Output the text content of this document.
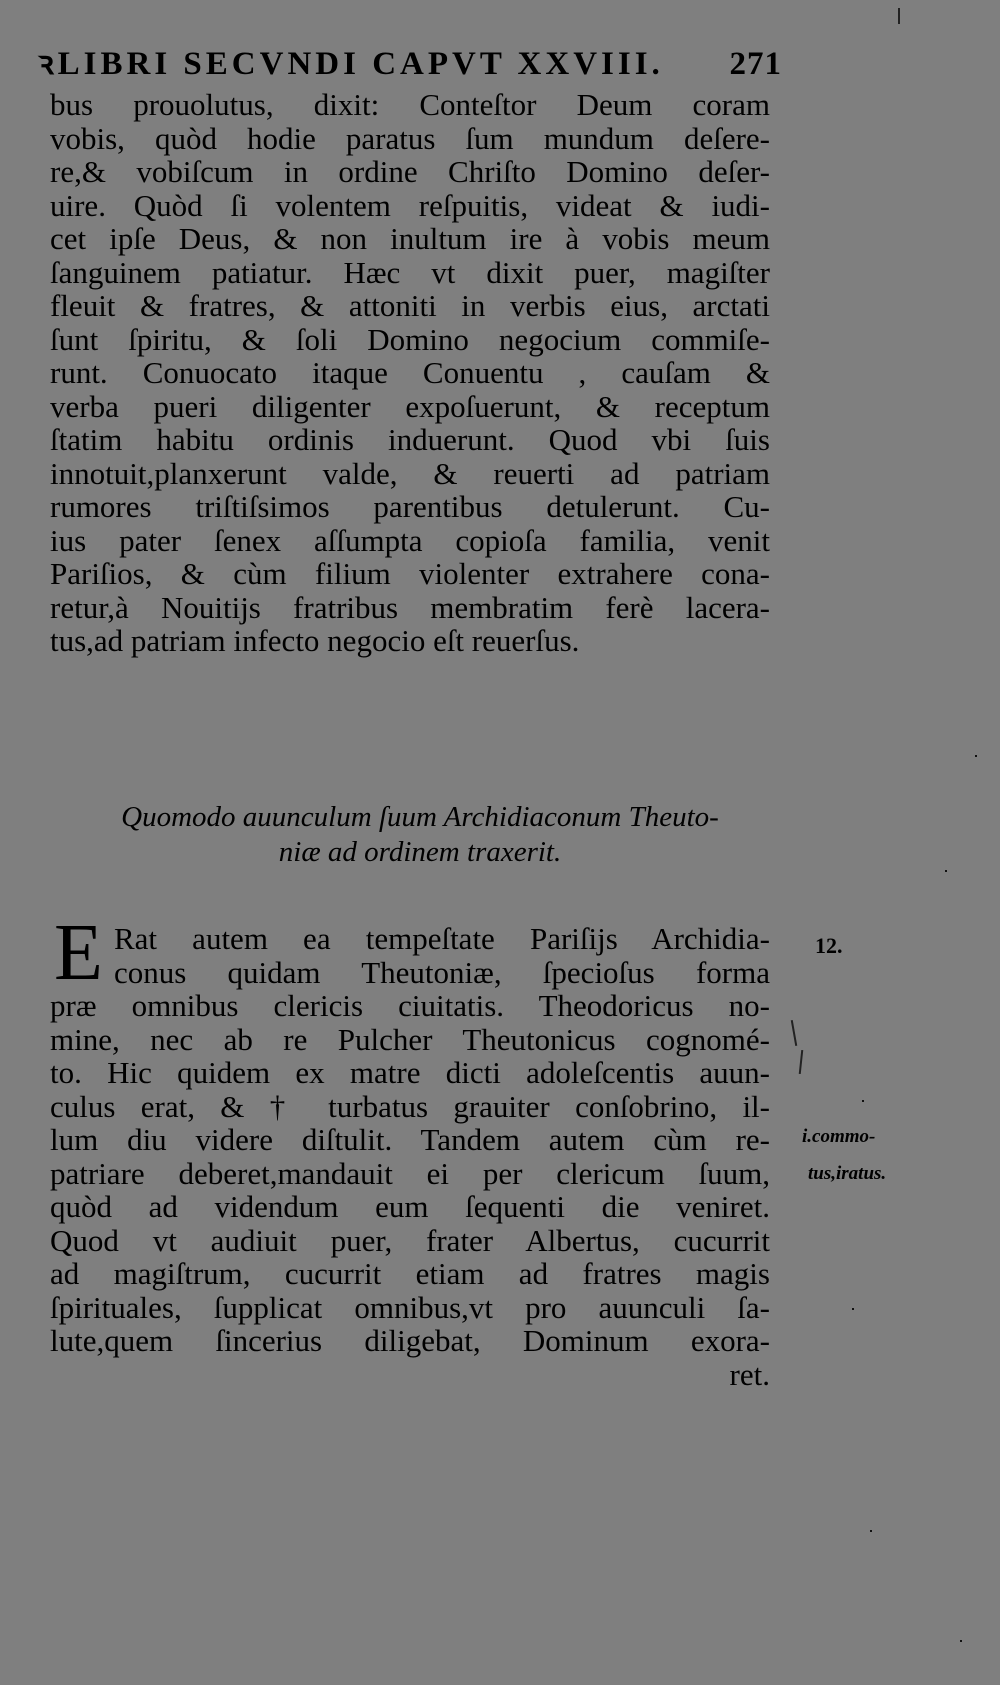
ꝛLIBRI SECVNDI CAPVT XXVIII. 271
bus prouolutus, dixit: Conteſtor Deum coram
vobis, quòd hodie paratus ſum mundum deſere-
re,& vobiſcum in ordine Chriſto Domino deſer-
uire. Quòd ſi volentem reſpuitis, videat & iudi-
cet ipſe Deus, & non inultum ire à vobis meum
ſanguinem patiatur. Hæc vt dixit puer, magiſter
fleuit & fratres, & attoniti in verbis eius, arctati
ſunt ſpiritu, & ſoli Domino negocium commiſe-
runt. Conuocato itaque Conuentu , cauſam &
verba pueri diligenter expoſuerunt, & receptum
ſtatim habitu ordinis induerunt. Quod vbi ſuis
innotuit,planxerunt valde, & reuerti ad patriam
rumores triſtiſsimos parentibus detulerunt. Cu-
ius pater ſenex aſſumpta copioſa familia, venit
Pariſios, & cùm filium violenter extrahere cona-
retur,à Nouitijs fratribus membratim ferè lacera-
tus,ad patriam infecto negocio eſt reuerſus.
Quomodo auunculum ſuum Archidiaconum Theuto-
niæ ad ordinem traxerit.
E Rat autem ea tempeſtate Pariſijs Archidia-
conus quidam Theutoniæ, ſpecioſus forma
præ omnibus clericis ciuitatis. Theodoricus no-
mine, nec ab re Pulcher Theutonicus cognomé-
to. Hic quidem ex matre dicti adoleſcentis auun-
culus erat, & † turbatus grauiter conſobrino, il-
lum diu videre diſtulit. Tandem autem cùm re-
patriare deberet,mandauit ei per clericum ſuum,
quòd ad videndum eum ſequenti die veniret.
Quod vt audiuit puer, frater Albertus, cucurrit
ad magiſtrum, cucurrit etiam ad fratres magis
ſpirituales, ſupplicat omnibus,vt pro auunculi ſa-
lute,quem ſincerius diligebat, Dominum exora-
ret.
12.
i.commo-
tus,iratus.
